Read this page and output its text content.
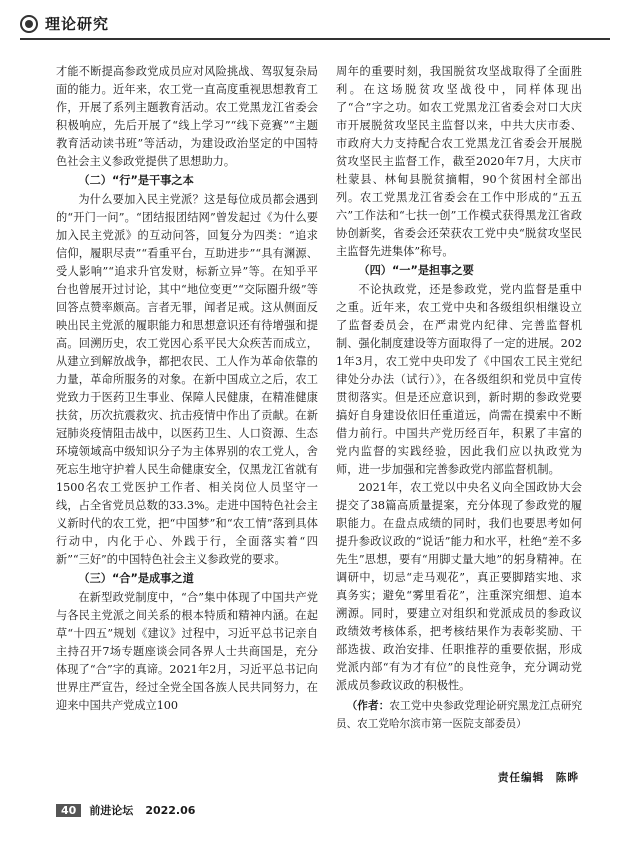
理论研究

才能不断提高参政党成员应对风险挑战、驾驭复杂局面的能力。近年来，农工党一直高度重视思想教育工作，开展了系列主题教育活动。农工党黑龙江省委会积极响应，先后开展了“线上学习”“线下竞赛”“主题教育活动读书班”等活动，为建设政治坚定的中国特色社会主义参政党提供了思想助力。

（二）“行”是干事之本

为什么要加入民主党派？这是每位成员都会遇到的“开门一问”。“团结报团结网”曾发起过《为什么要加入民主党派》的互动问答，回复分为四类：“追求信仰，履职尽责”“看重平台，互助进步”“具有渊源、受人影响”“追求升官发财，标新立异”等。在知乎平台也曾展开过讨论，其中“地位变更”“交际圈升级”等回答点赞率颇高。言者无罪，闻者足戒。这从侧面反映出民主党派的履职能力和思想意识还有待增强和提高。回溯历史，农工党因心系平民大众疾苦而成立，从建立到解放战争，都把农民、工人作为革命依靠的力量，革命所服务的对象。在新中国成立之后，农工党致力于医药卫生事业、保障人民健康，在精准健康扶贫，历次抗震救灾、抗击疫情中作出了贡献。在新冠肺炎疫情阻击战中，以医药卫生、人口资源、生态环境领域高中级知识分子为主体界别的农工党人，舍死忘生地守护着人民生命健康安全，仅黑龙江省就有1500名农工党医护工作者、相关岗位人员坚守一线，占全省党员总数的33.3%。走进中国特色社会主义新时代的农工党，把“中国梦”和“农工情”落到具体行动中，内化于心、外践于行，全面落实着“四新”“三好”的中国特色社会主义参政党的要求。

（三）“合”是成事之道

在新型政党制度中，“合”集中体现了中国共产党与各民主党派之间关系的根本特质和精神内涵。在起草“十四五”规划《建议》过程中，习近平总书记亲自主持召开7场专题座谈会同各界人士共商国是，充分体现了“合”字的真谛。2021年2月，习近平总书记向世界庄严宣告，经过全党全国各族人民共同努力，在迎来中国共产党成立100

周年的重要时刻，我国脱贫攻坚战取得了全面胜利。在这场脱贫攻坚战役中，同样体现出了“合”字之功。如农工党黑龙江省委会对口大庆市开展脱贫攻坚民主监督以来，中共大庆市委、市政府大力支持配合农工党黑龙江省委会开展脱贫攻坚民主监督工作，截至2020年7月，大庆市杜蒙县、林甸县脱贫摘帽，90个贫困村全部出列。农工党黑龙江省委会在工作中形成的“五五六”工作法和“七扶一创”工作模式获得黑龙江省政协创新奖，省委会还荣获农工党中央“脱贫攻坚民主监督先进集体”称号。

（四）“一”是担事之要

不论执政党，还是参政党，党内监督是重中之重。近年来，农工党中央和各级组织相继设立了监督委员会，在严肃党内纪律、完善监督机制、强化制度建设等方面取得了一定的进展。2021年3月，农工党中央印发了《中国农工民主党纪律处分办法（试行）》，在各级组织和党员中宣传贯彻落实。但是还应意识到，新时期的参政党要搞好自身建设依旧任重道远，尚需在摸索中不断借力前行。中国共产党历经百年，积累了丰富的党内监督的实践经验，因此我们应以执政党为师，进一步加强和完善参政党内部监督机制。

2021年，农工党以中央名义向全国政协大会提交了38篇高质量提案，充分体现了参政党的履职能力。在盘点成绩的同时，我们也要思考如何提升参政议政的“说话”能力和水平，杜绝“差不多先生”思想，要有“用脚丈量大地”的躬身精神。在调研中，切忌“走马观花”，真正要脚踏实地、求真务实；避免“雾里看花”，注重深究细想、追本溯源。同时，要建立对组织和党派成员的参政议政绩效考核体系，把考核结果作为表彰奖励、干部选拔、政治安排、任职推荐的重要依据，形成党派内部“有为才有位”的良性竞争，充分调动党派成员参政议政的积极性。

（作者：农工党中央参政党理论研究黑龙江点研究员、农工党哈尔滨市第一医院支部委员）
责任编辑　陈晔
40 前进论坛 2022.06
